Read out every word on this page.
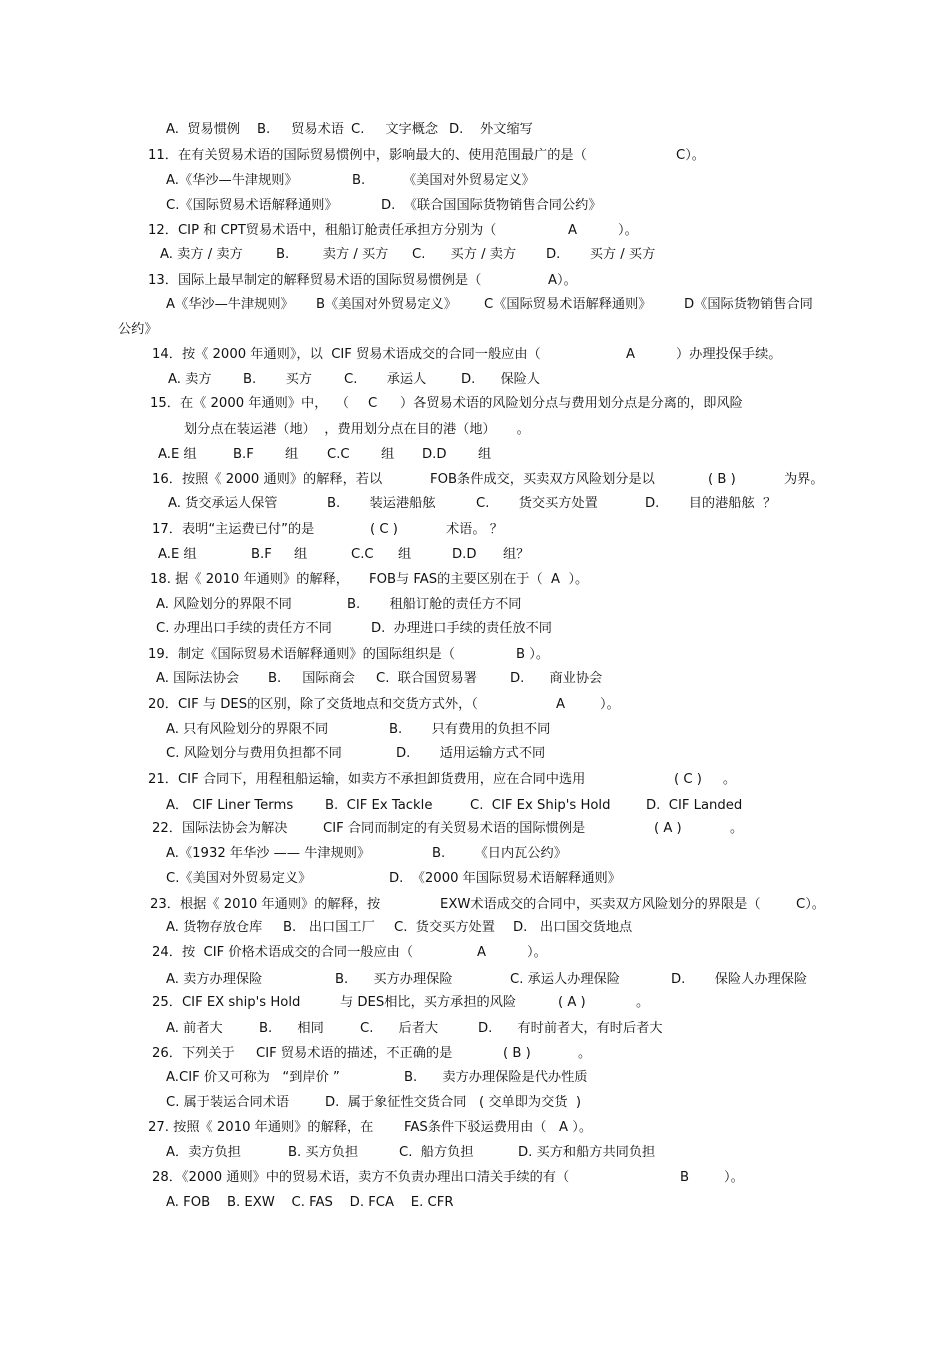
A.  贸易惯例 B.     贸易术语 C.     文字概念 D.    外文缩写
11．在有关贸易术语的国际贸易惯例中，影响最大的、使用范围最广的是（	C）。
A.《华沙—牛津规则》	B.         《美国对外贸易定义》
C.《国际贸易术语解释通则》	D.  《联合国国际货物销售合同公约》
12．CIP 和 CPT贸易术语中，租船订舱责任承担方分别为（	A	）。
A. 卖方 / 卖方	B.        卖方 / 买方 C.      买方 / 卖方 D.       买方 / 买方
13．国际上最早制定的解释贸易术语的国际贸易惯例是（	A）。
A《华沙—牛津规则》 B《美国对外贸易定义》 C《国际贸易术语解释通则》 D《国际货物销售合同
公约》
14．按《 2000 年通则》，以  CIF 贸易术语成交的合同一般应由（	A	）办理投保手续。
A. 卖方 B.       买方 C.       承运人	D.      保险人
15．在《 2000 年通则》中，  （ C ）各贸易术语的风险划分点与费用划分点是分离的，即风险
划分点在装运港（地）  ，费用划分点在目的港（地）     。
A.E 组	B.F 组 C.C 组 D.D 组
16．按照《 2000 通则》的解释，若以	FOB条件成交，买卖双方风险划分是以	( B )	为界。
A. 货交承运人保管	B.       装运港船舷	C.       货交买方处置	D.       目的港船舷  ？
17．表明“主运费已付”的是	( C )	术语。 ？
A.E 组	B.F 组	C.C 组	D.D 组？
18. 据《 2010 年通则》的解释， FOB与 FAS的主要区别在于（  A  ）。
A. 风险划分的界限不同	B.       租船订舱的责任方不同
C. 办理出口手续的责任方不同	D.  办理进口手续的责任放不同
19．制定《国际贸易术语解释通则》的国际组织是（	B ）。
A. 国际法协会 B.     国际商会 C.  联合国贸易署	D.      商业协会
20．CIF 与 DES的区别，除了交货地点和交货方式外，（	A	）。
A. 只有风险划分的界限不同	B.       只有费用的负担不同
C. 风险划分与费用负担都不同	D.       适用运输方式不同
21．CIF 合同下，用程租船运输，如卖方不承担卸货费用，应在合同中选用	( C )     。
A． CIF Liner Terms B.  CIF Ex Tackle	C.  CIF Ex Ship's Hold	D.  CIF Landed
22．国际法协会为解决	CIF 合同而制定的有关贸易术语的国际惯例是	( A )	。
A.《1932 年华沙 —— 牛津规则》	B.       《日内瓦公约》
C.《美国对外贸易定义》	D.  《2000 年国际贸易术语解释通则》
23．根据《 2010 年通则》的解释，按	EXW术语成交的合同中，买卖双方风险划分的界限是（	C）。
A. 货物存放仓库 B.   出口国工厂 C.  货交买方处置 D.   出口国交货地点
24．按  CIF 价格术语成交的合同一般应由（	A	）。
A. 卖方办理保险	B.      买方办理保险	C. 承运人办理保险	D.       保险人办理保险
25．CIF EX ship's Hold	与 DES相比，买方承担的风险	( A )	。
A. 前者大	B.      相同	C.      后者大	D.      有时前者大，有时后者大
26．下列关于 CIF 贸易术语的描述，不正确的是	( B )	。
A.CIF 价又可称为   “到岸价 ”	B.      卖方办理保险是代办性质
C. 属于装运合同术语	D.  属于象征性交货合同   ( 交单即为交货  )
27. 按照《 2010 年通则》的解释，在 FAS条件下驳运费用由（   A ）。
A．卖方负担	B. 买方负担	C.  船方负担	D. 买方和船方共同负担
28．《2000 通则》中的贸易术语，卖方不负责办理出口清关手续的有（	B	）。
A. FOB    B. EXW    C. FAS    D. FCA    E. CFR
